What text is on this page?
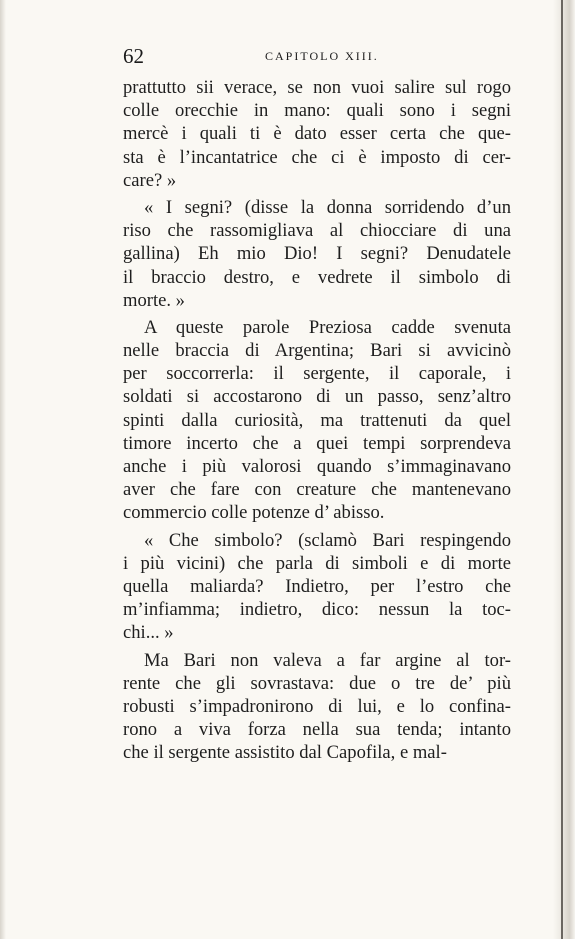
62	CAPITOLO XIII.
prattutto sii verace, se non vuoi salire sul rogo
colle orecchie in mano: quali sono i segni
mercè i quali ti è dato esser certa che que-
sta è l’incantatrice che ci è imposto di cer-
care? »
« I segni? (disse la donna sorridendo d’un
riso che rassomigliava al chiocciare di una
gallina) Eh mio Dio! I segni? Denudatele
il braccio destro, e vedrete il simbolo di
morte. »
A queste parole Preziosa cadde svenuta
nelle braccia di Argentina; Bari si avvicinò
per soccorrerla: il sergente, il caporale, i
soldati si accostarono di un passo, senz’altro
spinti dalla curiosità, ma trattenuti da quel
timore incerto che a quei tempi sorprendeva
anche i più valorosi quando s’immaginavano
aver che fare con creature che mantenevano
commercio colle potenze d’ abisso.
« Che simbolo? (sclamò Bari respingendo
i più vicini) che parla di simboli e di morte
quella maliarda? Indietro, per l’estro che
m’infiamma; indietro, dico: nessun la toc-
chi... »
Ma Bari non valeva a far argine al tor-
rente che gli sovrastava: due o tre de’ più
robusti s’impadronirono di lui, e lo confina-
rono a viva forza nella sua tenda; intanto
che il sergente assistito dal Capofila, e mal-
